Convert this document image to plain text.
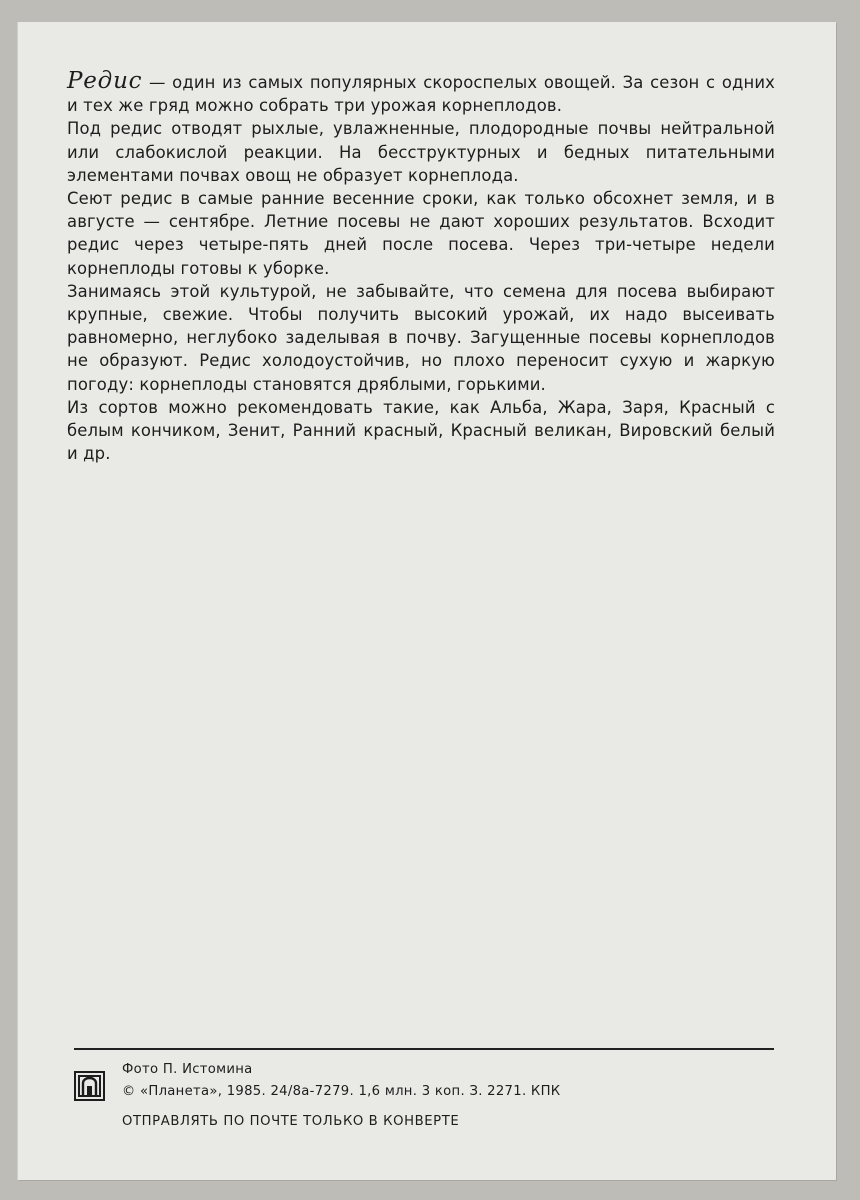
Редис — один из самых популярных скороспелых овощей. За сезон с одних и тех же гряд можно собрать три урожая корнеплодов.

Под редис отводят рыхлые, увлажненные, плодородные почвы нейтральной или слабокислой реакции. На бесструктурных и бедных питательными элементами почвах овощ не образует корнеплода.

Сеют редис в самые ранние весенние сроки, как только обсохнет земля, и в августе — сентябре. Летние посевы не дают хороших результатов. Всходит редис через четыре-пять дней после посева. Через три-четыре недели корнеплоды готовы к уборке.

Занимаясь этой культурой, не забывайте, что семена для посева выбирают крупные, свежие. Чтобы получить высокий урожай, их надо высеивать равномерно, неглубоко заделывая в почву. Загущенные посевы корнеплодов не образуют. Редис холодоустойчив, но плохо переносит сухую и жаркую погоду: корнеплоды становятся дряблыми, горькими.

Из сортов можно рекомендовать такие, как Альба, Жара, Заря, Красный с белым кончиком, Зенит, Ранний красный, Красный великан, Вировский белый и др.

Фото П. Истомина
© «Планета», 1985. 24/8а-7279. 1,6 млн. 3 коп. З. 2271. КПК
ОТПРАВЛЯТЬ ПО ПОЧТЕ ТОЛЬКО В КОНВЕРТЕ
